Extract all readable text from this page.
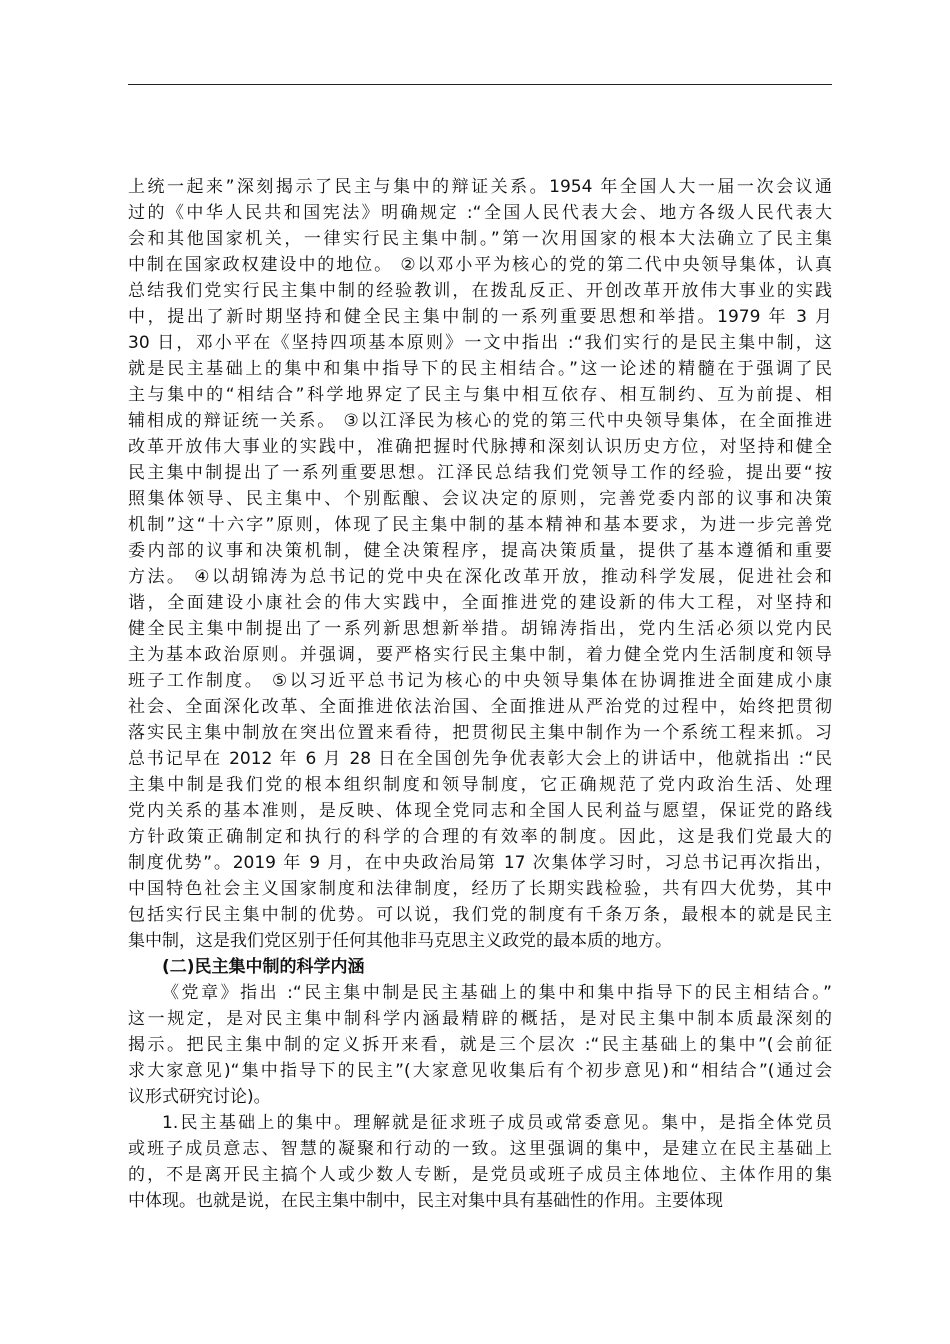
上统一起来”深刻揭示了民主与集中的辩证关系。1954 年全国人大一届一次会议通
过的《中华人民共和国宪法》明确规定 :“全国人民代表大会、地方各级人民代表大
会和其他国家机关，一律实行民主集中制。”第一次用国家的根本大法确立了民主集
中制在国家政权建设中的地位。 ②以邓小平为核心的党的第二代中央领导集体，认真
总结我们党实行民主集中制的经验教训，在拨乱反正、开创改革开放伟大事业的实践
中，提出了新时期坚持和健全民主集中制的一系列重要思想和举措。1979 年 3 月
30 日，邓小平在《坚持四项基本原则》一文中指出 :“我们实行的是民主集中制，这
就是民主基础上的集中和集中指导下的民主相结合。”这一论述的精髓在于强调了民
主与集中的“相结合”科学地界定了民主与集中相互依存、相互制约、互为前提、相
辅相成的辩证统一关系。 ③以江泽民为核心的党的第三代中央领导集体，在全面推进
改革开放伟大事业的实践中，准确把握时代脉搏和深刻认识历史方位，对坚持和健全
民主集中制提出了一系列重要思想。江泽民总结我们党领导工作的经验，提出要“按
照集体领导、民主集中、个别酝酿、会议决定的原则，完善党委内部的议事和决策
机制”这“十六字”原则，体现了民主集中制的基本精神和基本要求，为进一步完善党
委内部的议事和决策机制，健全决策程序，提高决策质量，提供了基本遵循和重要
方法。 ④以胡锦涛为总书记的党中央在深化改革开放，推动科学发展，促进社会和
谐，全面建设小康社会的伟大实践中，全面推进党的建设新的伟大工程，对坚持和
健全民主集中制提出了一系列新思想新举措。胡锦涛指出，党内生活必须以党内民
主为基本政治原则。并强调，要严格实行民主集中制，着力健全党内生活制度和领导
班子工作制度。 ⑤以习近平总书记为核心的中央领导集体在协调推进全面建成小康
社会、全面深化改革、全面推进依法治国、全面推进从严治党的过程中，始终把贯彻
落实民主集中制放在突出位置来看待，把贯彻民主集中制作为一个系统工程来抓。习
总书记早在 2012 年 6 月 28 日在全国创先争优表彰大会上的讲话中，他就指出 :“民
主集中制是我们党的根本组织制度和领导制度，它正确规范了党内政治生活、处理
党内关系的基本准则，是反映、体现全党同志和全国人民利益与愿望，保证党的路线
方针政策正确制定和执行的科学的合理的有效率的制度。因此，这是我们党最大的
制度优势”。2019 年 9 月，在中央政治局第 17 次集体学习时，习总书记再次指出，
中国特色社会主义国家制度和法律制度，经历了长期实践检验，共有四大优势，其中
包括实行民主集中制的优势。可以说，我们党的制度有千条万条，最根本的就是民主
集中制，这是我们党区别于任何其他非马克思主义政党的最本质的地方。
(二)民主集中制的科学内涵
《党章》指出 :“民主集中制是民主基础上的集中和集中指导下的民主相结合。”
这一规定，是对民主集中制科学内涵最精辟的概括，是对民主集中制本质最深刻的
揭示。把民主集中制的定义拆开来看，就是三个层次 :“民主基础上的集中”(会前征
求大家意见)“集中指导下的民主”(大家意见收集后有个初步意见)和“相结合”(通过会
议形式研究讨论)。
1.民主基础上的集中。理解就是征求班子成员或常委意见。集中，是指全体党员
或班子成员意志、智慧的凝聚和行动的一致。这里强调的集中，是建立在民主基础上
的，不是离开民主搞个人或少数人专断，是党员或班子成员主体地位、主体作用的集
中体现。也就是说，在民主集中制中，民主对集中具有基础性的作用。主要体现
